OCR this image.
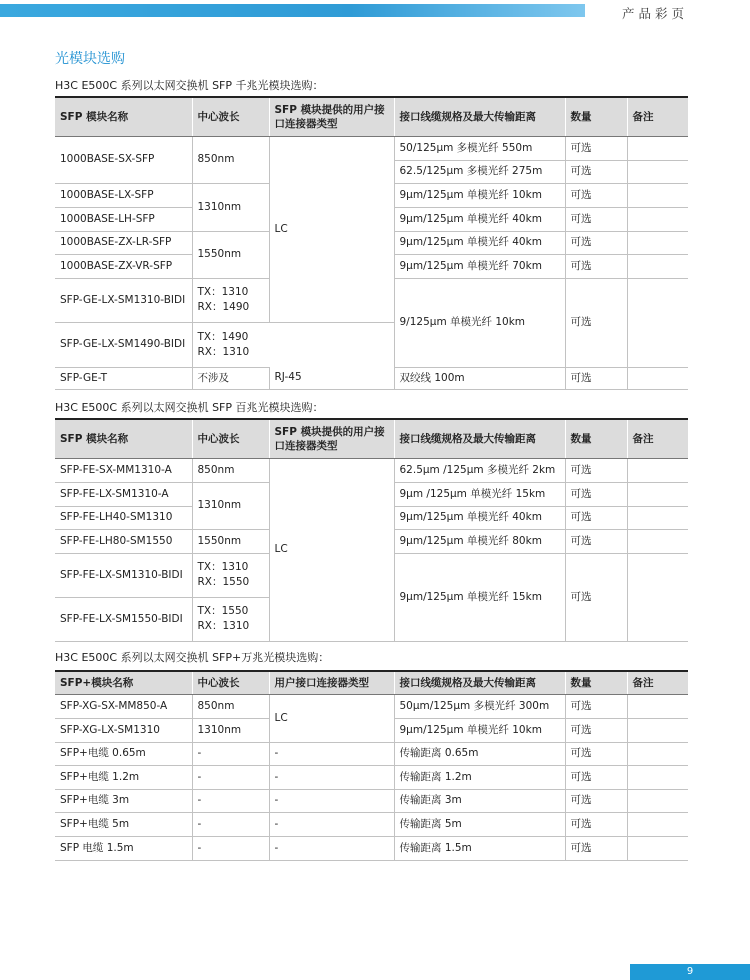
产品彩页
光模块选购
H3C E500C 系列以太网交换机 SFP 千兆光模块选购：
SFP 模块名称	中心波长	SFP 模块提供的用户接口连接器类型	接口线缆规格及最大传输距离	数量	备注
1000BASE-SX-SFP	850nm	LC	50/125μm 多模光纤 550m	可选	
			62.5/125μm 多模光纤 275m	可选	
1000BASE-LX-SFP	1310nm		9μm/125μm 单模光纤 10km	可选	
1000BASE-LH-SFP			9μm/125μm 单模光纤 40km	可选	
1000BASE-ZX-LR-SFP	1550nm		9μm/125μm 单模光纤 40km	可选	
1000BASE-ZX-VR-SFP			9μm/125μm 单模光纤 70km	可选	
SFP-GE-LX-SM1310-BIDI	TX：1310
RX：1490		9/125μm 单模光纤 10km	可选	
SFP-GE-LX-SM1490-BIDI	TX：1490
RX：1310				

SFP-GE-T	不涉及	RJ-45	双绞线 100m	可选	
H3C E500C 系列以太网交换机 SFP 百兆光模块选购：
SFP 模块名称	中心波长	SFP 模块提供的用户接口连接器类型	接口线缆规格及最大传输距离	数量	备注
SFP-FE-SX-MM1310-A	850nm	LC	62.5μm /125μm 多模光纤 2km	可选	
SFP-FE-LX-SM1310-A	1310nm		9μm /125μm 单模光纤 15km	可选	
SFP-FE-LH40-SM1310			9μm/125μm 单模光纤 40km	可选	
SFP-FE-LH80-SM1550	1550nm		9μm/125μm 单模光纤 80km	可选	
SFP-FE-LX-SM1310-BIDI	TX：1310
RX：1550		9μm/125μm 单模光纤 15km	可选	
SFP-FE-LX-SM1550-BIDI	TX：1550
RX：1310				
H3C E500C 系列以太网交换机 SFP+万兆光模块选购：
SFP+模块名称	中心波长	用户接口连接器类型	接口线缆规格及最大传输距离	数量	备注
SFP-XG-SX-MM850-A	850nm	LC	50μm/125μm 多模光纤 300m	可选	
SFP-XG-LX-SM1310	1310nm		9μm/125μm 单模光纤 10km	可选	
SFP+电缆 0.65m	-	-	传输距离 0.65m	可选	
SFP+电缆 1.2m	-	-	传输距离 1.2m	可选	
SFP+电缆 3m	-	-	传输距离 3m	可选	
SFP+电缆 5m	-	-	传输距离 5m	可选	
SFP 电缆 1.5m	-	-	传输距离 1.5m	可选	
9
